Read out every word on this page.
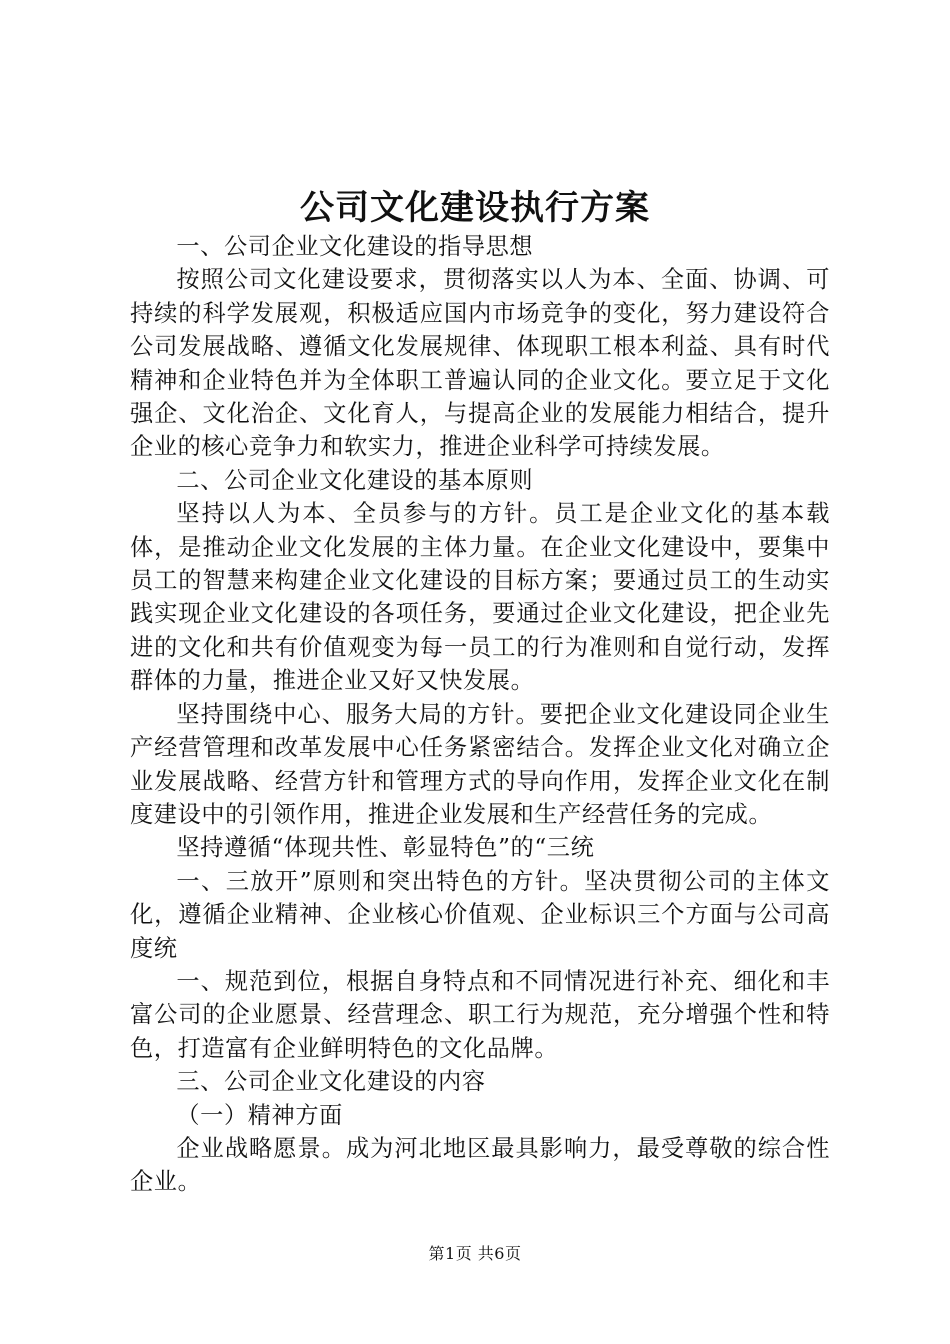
公司文化建设执行方案

一、公司企业文化建设的指导思想

按照公司文化建设要求，贯彻落实以人为本、全面、协调、可持续的科学发展观，积极适应国内市场竞争的变化，努力建设符合公司发展战略、遵循文化发展规律、体现职工根本利益、具有时代精神和企业特色并为全体职工普遍认同的企业文化。要立足于文化强企、文化治企、文化育人，与提高企业的发展能力相结合，提升企业的核心竞争力和软实力，推进企业科学可持续发展。

二、公司企业文化建设的基本原则

坚持以人为本、全员参与的方针。员工是企业文化的基本载体，是推动企业文化发展的主体力量。在企业文化建设中，要集中员工的智慧来构建企业文化建设的目标方案；要通过员工的生动实践实现企业文化建设的各项任务，要通过企业文化建设，把企业先进的文化和共有价值观变为每一员工的行为准则和自觉行动，发挥群体的力量，推进企业又好又快发展。

坚持围绕中心、服务大局的方针。要把企业文化建设同企业生产经营管理和改革发展中心任务紧密结合。发挥企业文化对确立企业发展战略、经营方针和管理方式的导向作用，发挥企业文化在制度建设中的引领作用，推进企业发展和生产经营任务的完成。

坚持遵循“体现共性、彰显特色”的“三统

一、三放开”原则和突出特色的方针。坚决贯彻公司的主体文化，遵循企业精神、企业核心价值观、企业标识三个方面与公司高度统

一、规范到位，根据自身特点和不同情况进行补充、细化和丰富公司的企业愿景、经营理念、职工行为规范，充分增强个性和特色，打造富有企业鲜明特色的文化品牌。

三、公司企业文化建设的内容

（一）精神方面

企业战略愿景。成为河北地区最具影响力，最受尊敬的综合性企业。

第1页 共6页
